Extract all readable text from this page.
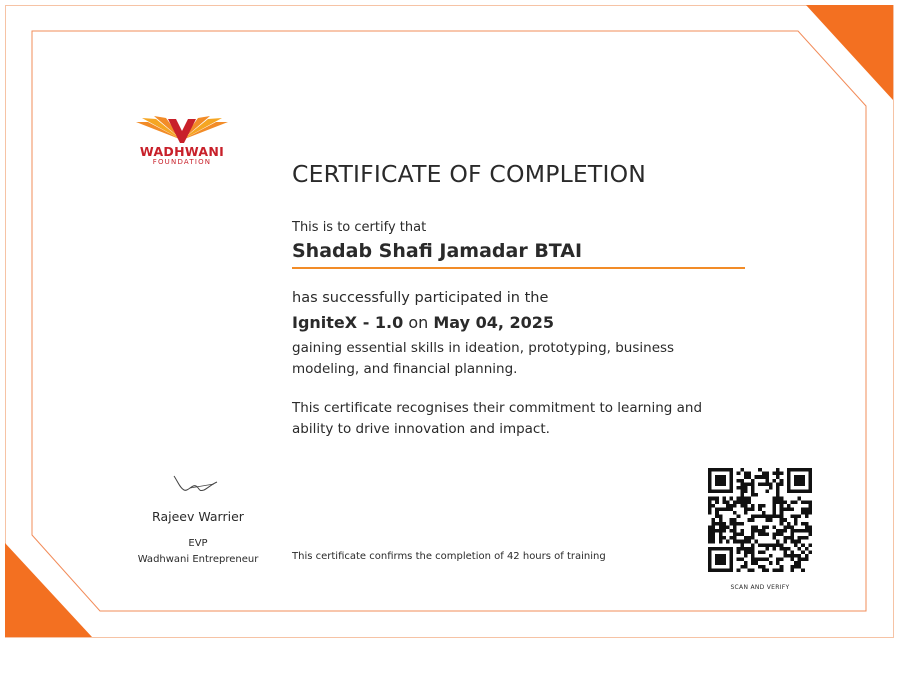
WADHWANI
FOUNDATION	CERTIFICATE OF COMPLETION
This is to certify that
Shadab Shafi Jamadar BTAI
has successfully participated in the
IgniteX - 1.0 on May 04, 2025
gaining essential skills in ideation, prototyping, business modeling, and financial planning.
This certificate recognises their commitment to learning and ability to drive innovation and impact.
Rajeev Warrier
EVP
Wadhwani Entrepreneur	This certificate confirms the completion of 42 hours of training
SCAN AND VERIFY
